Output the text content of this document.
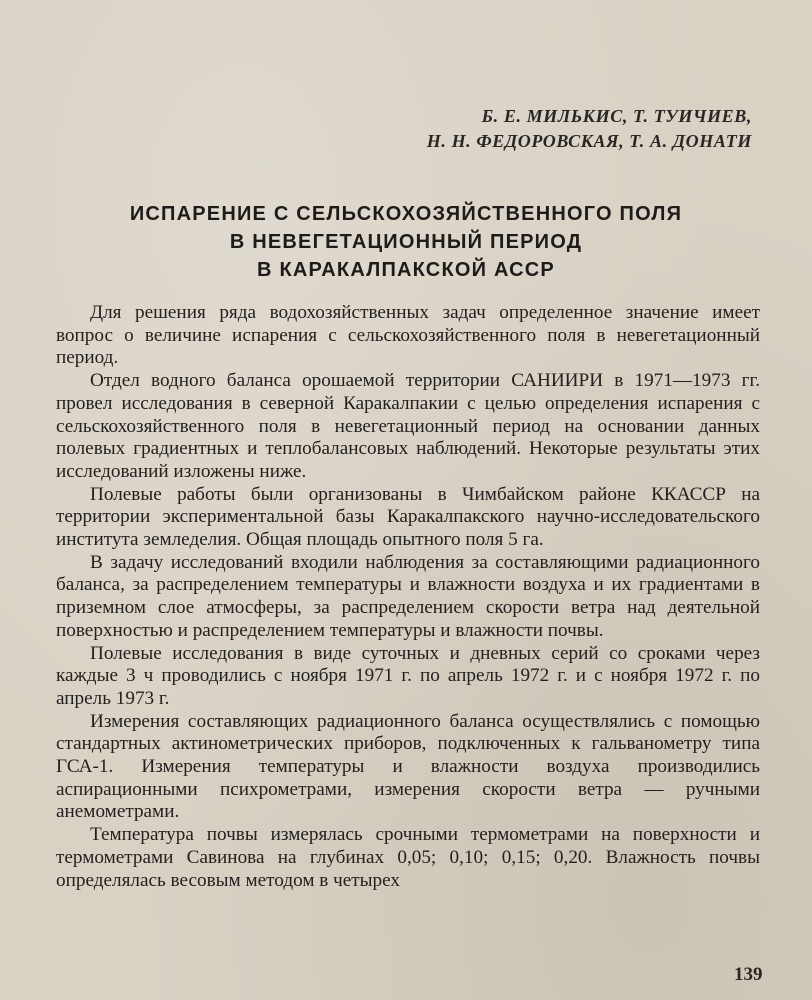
Б. Е. МИЛЬКИС, Т. ТУИЧИЕВ,
Н. Н. ФЕДОРОВСКАЯ, Т. А. ДОНАТИ
ИСПАРЕНИЕ С СЕЛЬСКОХОЗЯЙСТВЕННОГО ПОЛЯ
В НЕВЕГЕТАЦИОННЫЙ ПЕРИОД
В КАРАКАЛПАКСКОЙ АССР

Для решения ряда водохозяйственных задач определенное значение имеет вопрос о величине испарения с сельскохозяйственного поля в невегетационный период.

Отдел водного баланса орошаемой территории САНИИРИ в 1971—1973 гг. провел исследования в северной Каракалпакии с целью определения испарения с сельскохозяйственного поля в невегетационный период на основании данных полевых градиентных и теплобалансовых наблюдений. Некоторые результаты этих исследований изложены ниже.

Полевые работы были организованы в Чимбайском районе ККАССР на территории экспериментальной базы Каракалпакского научно-исследовательского института земледелия. Общая площадь опытного поля 5 га.

В задачу исследований входили наблюдения за составляющими радиационного баланса, за распределением температуры и влажности воздуха и их градиентами в приземном слое атмосферы, за распределением скорости ветра над деятельной поверхностью и распределением температуры и влажности почвы.

Полевые исследования в виде суточных и дневных серий со сроками через каждые 3 ч проводились с ноября 1971 г. по апрель 1972 г. и с ноября 1972 г. по апрель 1973 г.

Измерения составляющих радиационного баланса осуществлялись с помощью стандартных актинометрических приборов, подключенных к гальванометру типа ГСА-1. Измерения температуры и влажности воздуха производились аспирационными психрометрами, измерения скорости ветра — ручными анемометрами.

Температура почвы измерялась срочными термометрами на поверхности и термометрами Савинова на глубинах 0,05; 0,10; 0,15; 0,20. Влажность почвы определялась весовым методом в четырех

139
